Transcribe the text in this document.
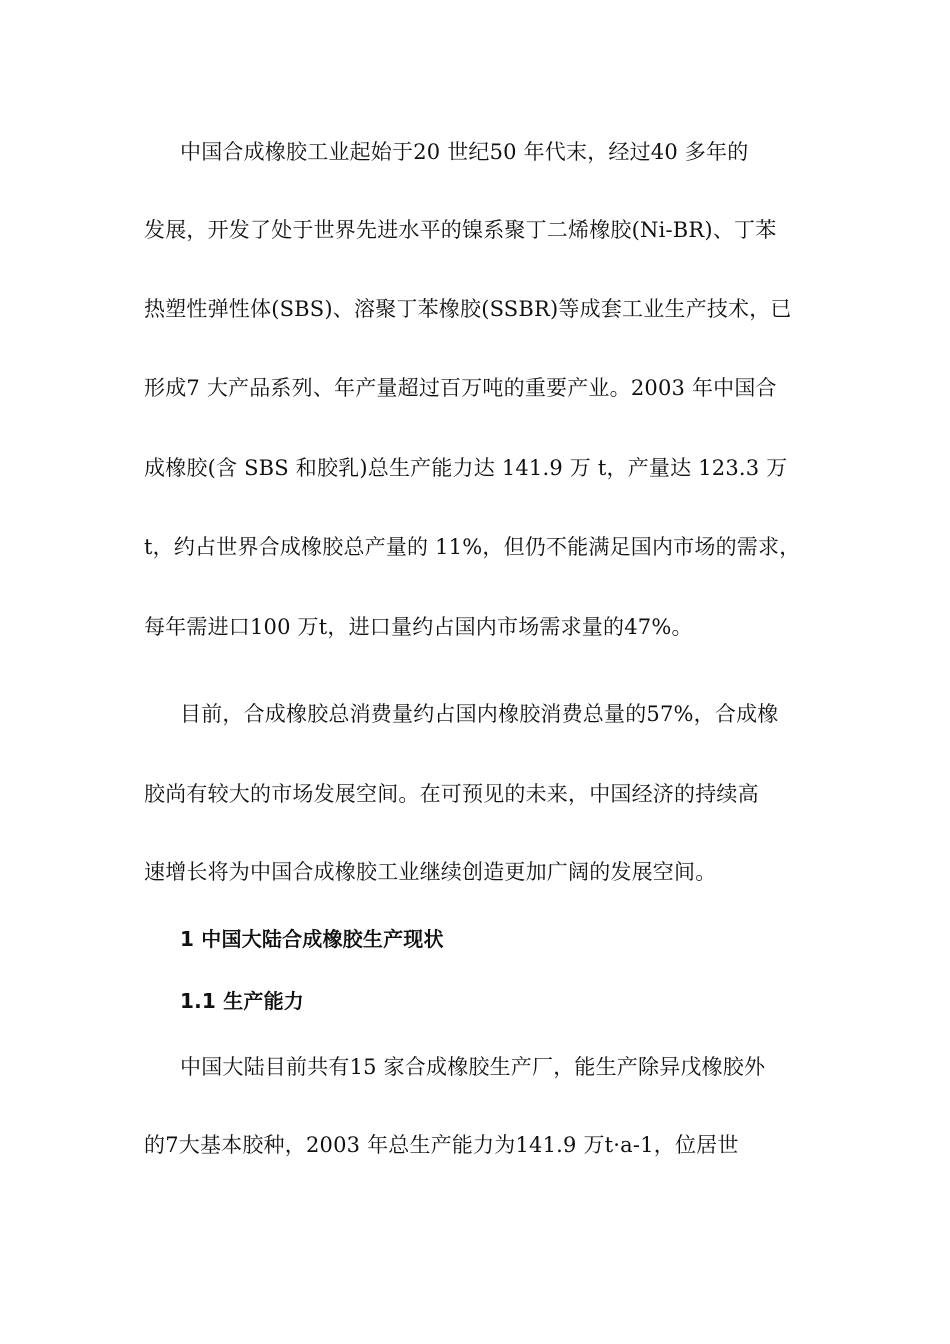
中国合成橡胶工业起始于20 世纪50 年代末，经过40 多年的
发展，开发了处于世界先进水平的镍系聚丁二烯橡胶(Ni-BR)、丁苯
热塑性弹性体(SBS)、溶聚丁苯橡胶(SSBR)等成套工业生产技术，已
形成7 大产品系列、年产量超过百万吨的重要产业。2003 年中国合
成橡胶(含 SBS 和胶乳)总生产能力达 141.9 万 t，产量达 123.3 万
t，约占世界合成橡胶总产量的 11%，但仍不能满足国内市场的需求，
每年需进口100 万t，进口量约占国内市场需求量的47%。
目前，合成橡胶总消费量约占国内橡胶消费总量的57%，合成橡
胶尚有较大的市场发展空间。在可预见的未来，中国经济的持续高
速增长将为中国合成橡胶工业继续创造更加广阔的发展空间。
1 中国大陆合成橡胶生产现状
1.1 生产能力
中国大陆目前共有15 家合成橡胶生产厂，能生产除异戊橡胶外
的7大基本胶种，2003 年总生产能力为141.9 万t·a-1，位居世
